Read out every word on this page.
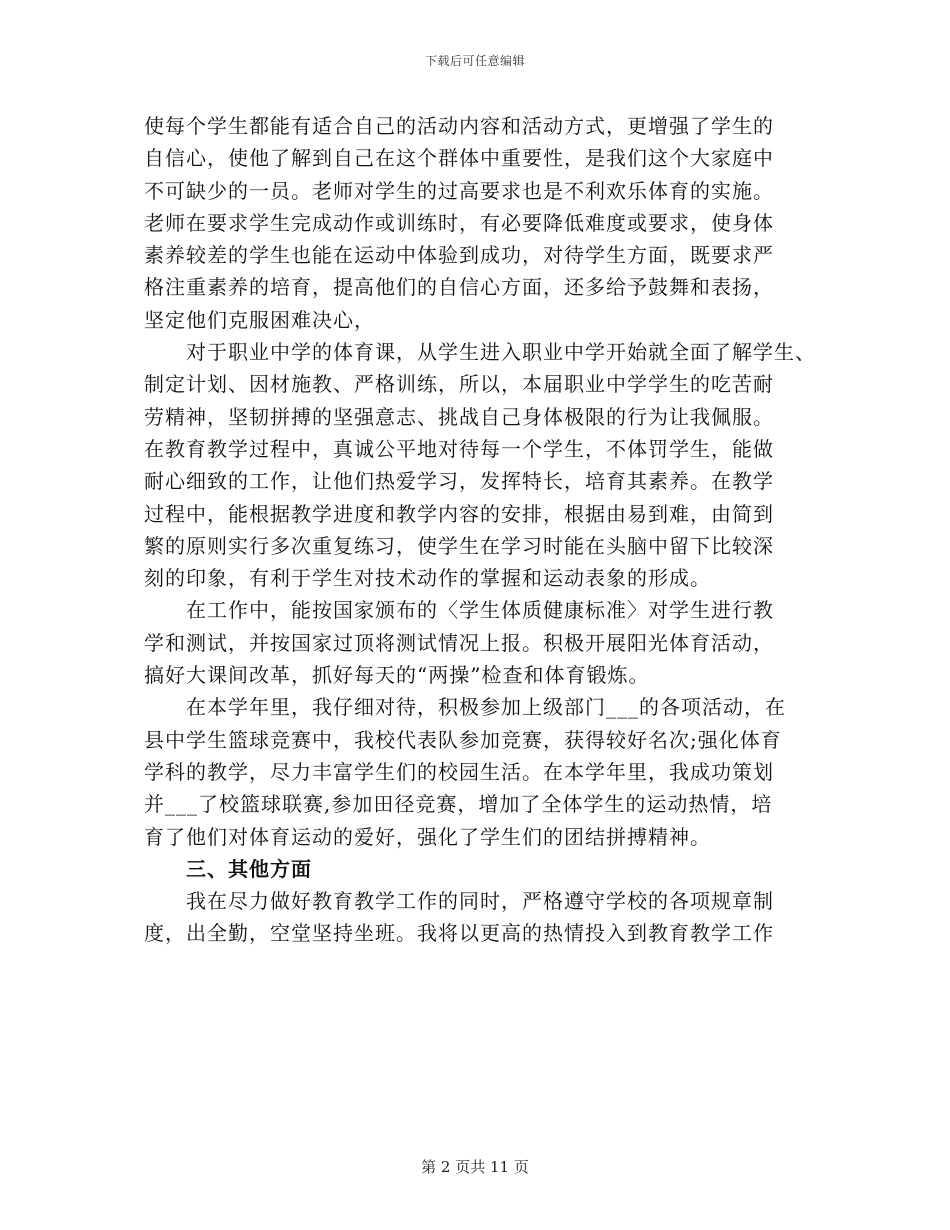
下载后可任意编辑
使每个学生都能有适合自己的活动内容和活动方式，更增强了学生的
自信心，使他了解到自己在这个群体中重要性，是我们这个大家庭中
不可缺少的一员。老师对学生的过高要求也是不利欢乐体育的实施。
老师在要求学生完成动作或训练时，有必要降低难度或要求，使身体
素养较差的学生也能在运动中体验到成功，对待学生方面，既要求严
格注重素养的培育，提高他们的自信心方面，还多给予鼓舞和表扬，
坚定他们克服困难决心，
对于职业中学的体育课，从学生进入职业中学开始就全面了解学生、
制定计划、因材施教、严格训练，所以，本届职业中学学生的吃苦耐
劳精神，坚韧拼搏的坚强意志、挑战自己身体极限的行为让我佩服。
在教育教学过程中，真诚公平地对待每一个学生，不体罚学生，能做
耐心细致的工作，让他们热爱学习，发挥特长，培育其素养。在教学
过程中，能根据教学进度和教学内容的安排，根据由易到难，由简到
繁的原则实行多次重复练习，使学生在学习时能在头脑中留下比较深
刻的印象，有利于学生对技术动作的掌握和运动表象的形成。
在工作中，能按国家颁布的〈学生体质健康标准〉对学生进行教
学和测试，并按国家过顶将测试情况上报。积极开展阳光体育活动，
搞好大课间改革，抓好每天的“两操”检查和体育锻炼。
在本学年里，我仔细对待，积极参加上级部门___的各项活动，在
县中学生篮球竞赛中，我校代表队参加竞赛，获得较好名次;强化体育
学科的教学，尽力丰富学生们的校园生活。在本学年里，我成功策划
并___了校篮球联赛,参加田径竞赛，增加了全体学生的运动热情，培
育了他们对体育运动的爱好，强化了学生们的团结拼搏精神。
三、其他方面
我在尽力做好教育教学工作的同时，严格遵守学校的各项规章制
度，出全勤，空堂坚持坐班。我将以更高的热情投入到教育教学工作
第 2 页共 11 页
